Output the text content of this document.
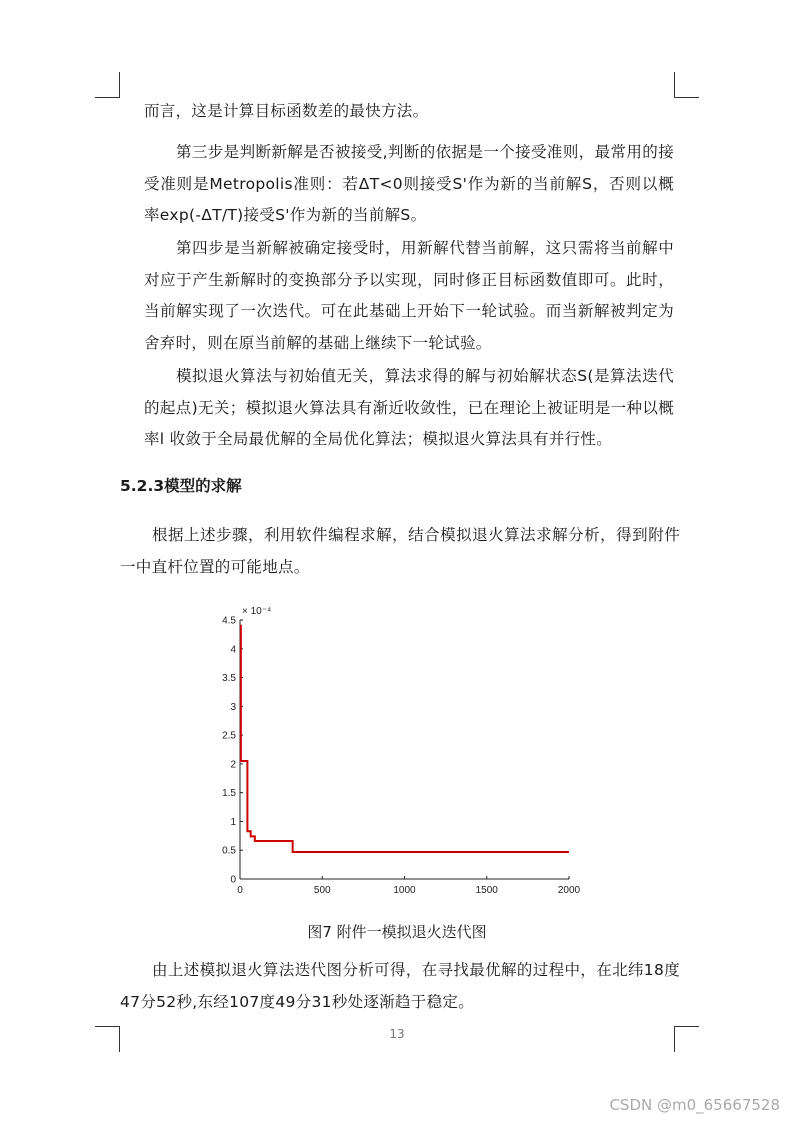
而言，这是计算目标函数差的最快方法。

第三步是判断新解是否被接受,判断的依据是一个接受准则，最常用的接受准则是Metropolis准则：若ΔT<0则接受S'作为新的当前解S，否则以概率exp(-ΔT/T)接受S'作为新的当前解S。

第四步是当新解被确定接受时，用新解代替当前解，这只需将当前解中对应于产生新解时的变换部分予以实现，同时修正目标函数值即可。此时，当前解实现了一次迭代。可在此基础上开始下一轮试验。而当新解被判定为舍弃时，则在原当前解的基础上继续下一轮试验。

模拟退火算法与初始值无关，算法求得的解与初始解状态S(是算法迭代的起点)无关；模拟退火算法具有渐近收敛性，已在理论上被证明是一种以概率l 收敛于全局最优解的全局优化算法；模拟退火算法具有并行性。

5.2.3模型的求解

根据上述步骤，利用软件编程求解，结合模拟退火算法求解分析，得到附件一中直杆位置的可能地点。

0	500	1000	1500	2000
0
0.5
1
1.5
2
2.5
3
3.5
4
4.5
× 10⁻⁴

图7 附件一模拟退火迭代图

由上述模拟退火算法迭代图分析可得，在寻找最优解的过程中，在北纬18度47分52秒,东经107度49分31秒处逐渐趋于稳定。

13
CSDN @m0_65667528
